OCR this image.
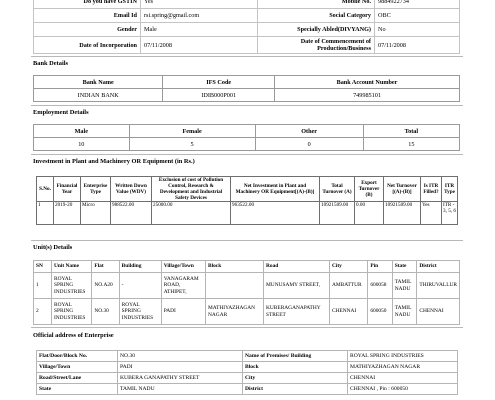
Do you have GSTIN	Yes	Mobile No.	9884922734
Email Id	rsi.spring@gmail.com	Social Category	OBC
Gender	Male	Specially Abled(DIVYANG)	No
Date of Incorporation	07/11/2008	Date of Commencement of Production/Business	07/11/2008
Bank Details
Bank Name	IFS Code	Bank Account Number
INDIAN BANK	IDIB000P001	749985101
Employment Details
Male	Female	Other	Total
10	5	0	15
Investment in Plant and Machinery OR Equipment (in Rs.)
S.No.	Financial Year	Enterprise Type	Written Down Value (WDV)	Exclusion of cost of Pollution Control, Research & Development and Industrial Safety Devices	Net Investment in Plant and Machinery OR Equipment[(A)-(B)]	Total Turnover (A)	Export Turnover (B)	Net Turnover [(A)-(B)]	Is ITR Filled?	ITR Type
1	2019-20	Micro	988522.00	25000.00	963522.00	10921509.00	0.00	10921509.00	Yes	ITR - 3, 5, 6
Unit(s) Details
SN	Unit Name	Flat	Building	Village/Town	Block	Road	City	Pin	State	District
1	ROYAL SPRING INDUSTRIES	NO.A20	-	VANAGARAM ROAD, ATHIPET,		MUNUSAMY STREET,	AMBATTUR	600058	TAMIL NADU	THIRUVALLUR
2	ROYAL SPRING INDUSTRIES	NO.30	ROYAL SPRING INDUSTRIES	PADI	MATHIYAZHAGAN NAGAR	KUBERAGANAPATHY STREET	CHENNAI	600050	TAMIL NADU	CHENNAI
Official address of Enterprise
Flat/Door/Block No.	NO.30	Name of Premises/ Building	ROYAL SPRING INDUSTRIES
Village/Town	PADI	Block	MATHIYAZHAGAN NAGAR
Road/Street/Lane	KUBERA GANAPATHY STREET	City	CHENNAI
State	TAMIL NADU	District	CHENNAI , Pin : 600050
